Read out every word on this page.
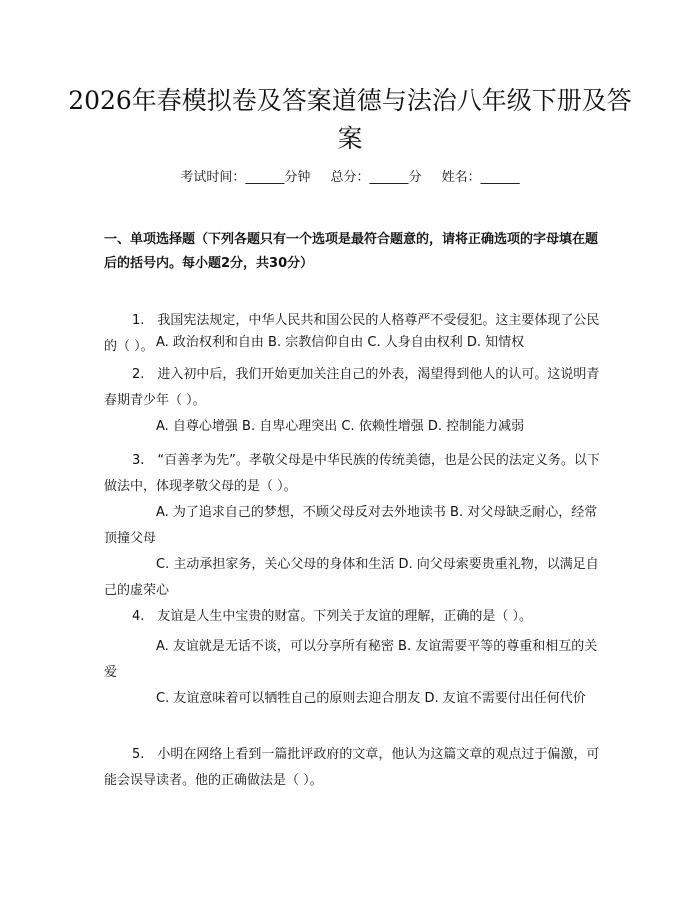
2026年春模拟卷及答案道德与法治八年级下册及答案
考试时间：______分钟 总分：______分 姓名：______
一、单项选择题（下列各题只有一个选项是最符合题意的，请将正确选项的字母填在题后的括号内。每小题2分，共30分）
1.　我国宪法规定，中华人民共和国公民的人格尊严不受侵犯。这主要体现了公民的（ ）。 A. 政治权利和自由 B. 宗教信仰自由 C. 人身自由权利 D. 知情权
2.　进入初中后，我们开始更加关注自己的外表，渴望得到他人的认可。这说明青春期青少年（ ）。
A. 自尊心增强 B. 自卑心理突出 C. 依赖性增强 D. 控制能力减弱
3.　“百善孝为先”。孝敬父母是中华民族的传统美德，也是公民的法定义务。以下做法中，体现孝敬父母的是（ ）。
A. 为了追求自己的梦想，不顾父母反对去外地读书 B. 对父母缺乏耐心，经常顶撞父母
C. 主动承担家务，关心父母的身体和生活 D. 向父母索要贵重礼物，以满足自己的虚荣心
4.　友谊是人生中宝贵的财富。下列关于友谊的理解，正确的是（ ）。
A. 友谊就是无话不谈，可以分享所有秘密 B. 友谊需要平等的尊重和相互的关爱
C. 友谊意味着可以牺牲自己的原则去迎合朋友 D. 友谊不需要付出任何代价
5.　小明在网络上看到一篇批评政府的文章，他认为这篇文章的观点过于偏激，可能会误导读者。他的正确做法是（ ）。
